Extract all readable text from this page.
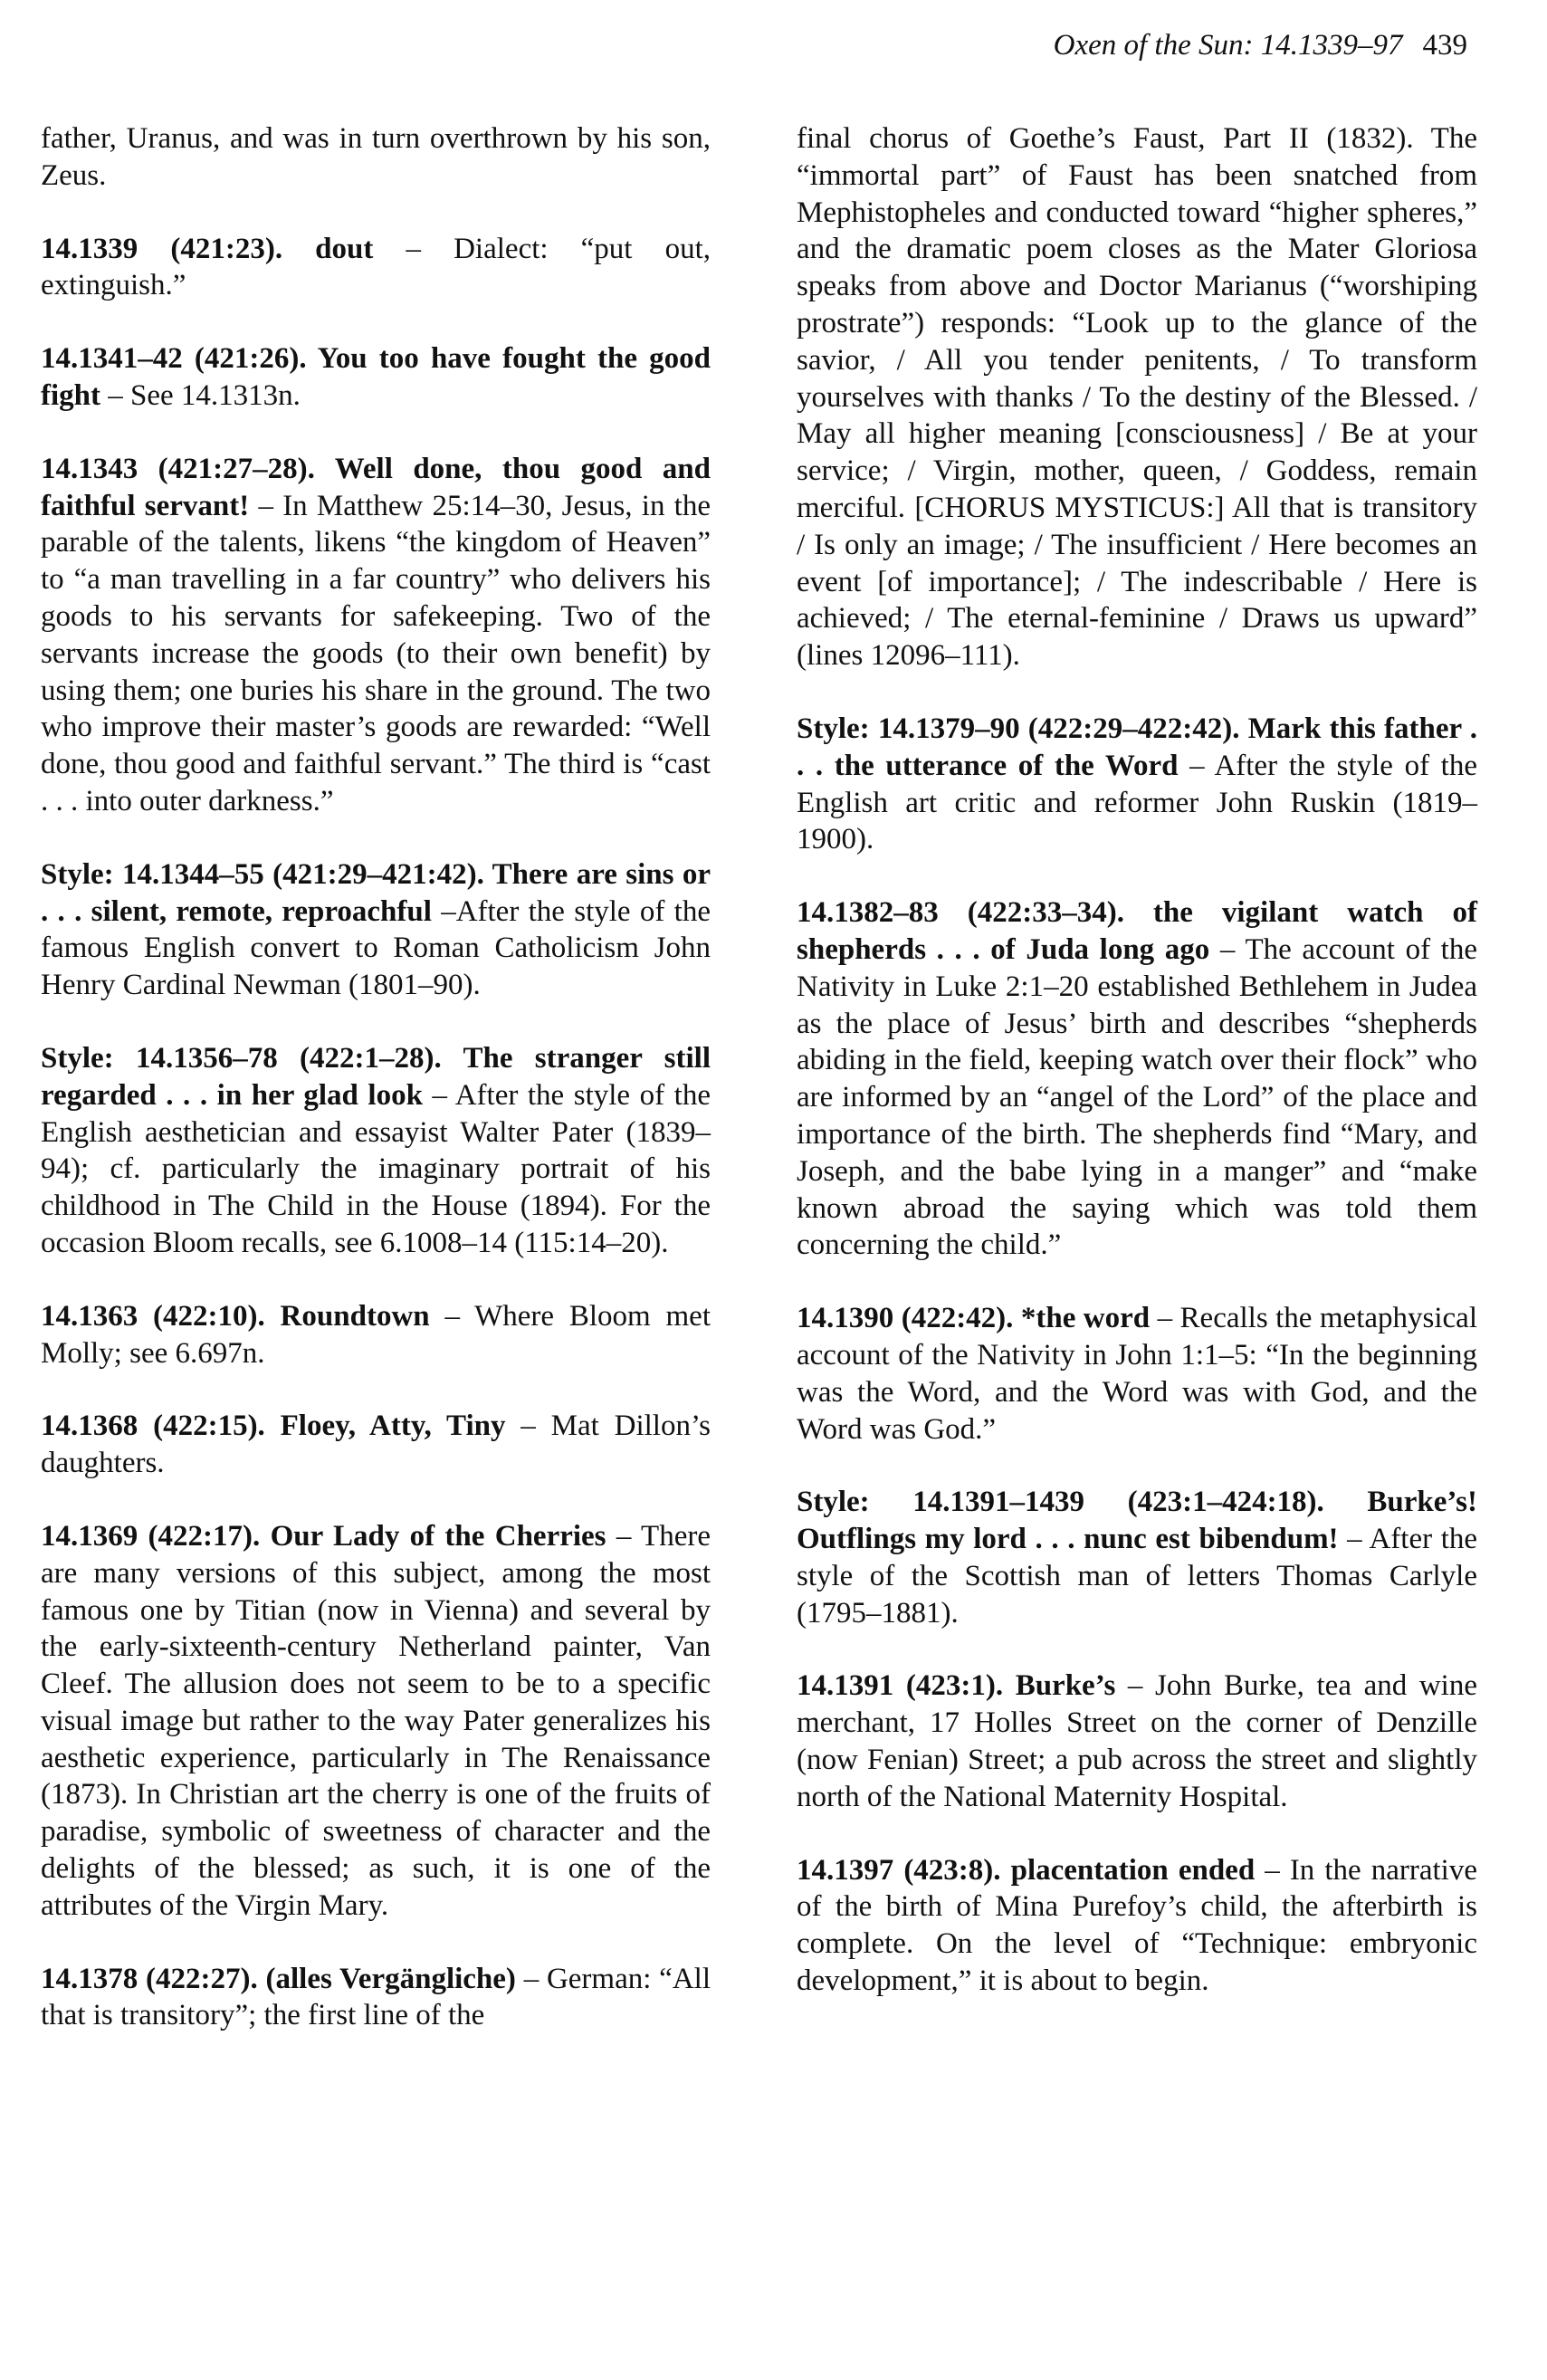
Oxen of the Sun: 14.1339–97 439

father, Uranus, and was in turn overthrown by his son, Zeus.

14.1339 (421:23). dout – Dialect: “put out, extinguish.”

14.1341–42 (421:26). You too have fought the good fight – See 14.1313n.

14.1343 (421:27–28). Well done, thou good and faithful servant! – In Matthew 25:14–30, Jesus, in the parable of the talents, likens “the kingdom of Heaven” to “a man travelling in a far country” who delivers his goods to his servants for safekeeping. Two of the servants increase the goods (to their own benefit) by using them; one buries his share in the ground. The two who improve their master’s goods are rewarded: “Well done, thou good and faithful servant.” The third is “cast . . . into outer darkness.”

Style: 14.1344–55 (421:29–421:42). There are sins or . . . silent, remote, reproachful –After the style of the famous English convert to Roman Catholicism John Henry Cardinal Newman (1801–90).

Style: 14.1356–78 (422:1–28). The stranger still regarded . . . in her glad look – After the style of the English aesthetician and essayist Walter Pater (1839–94); cf. particularly the imaginary portrait of his childhood in The Child in the House (1894). For the occasion Bloom recalls, see 6.1008–14 (115:14–20).

14.1363 (422:10). Roundtown – Where Bloom met Molly; see 6.697n.

14.1368 (422:15). Floey, Atty, Tiny – Mat Dillon’s daughters.

14.1369 (422:17). Our Lady of the Cherries – There are many versions of this subject, among the most famous one by Titian (now in Vienna) and several by the early-sixteenth-century Netherland painter, Van Cleef. The allusion does not seem to be to a specific visual image but rather to the way Pater generalizes his aesthetic experience, particularly in The Renaissance (1873). In Christian art the cherry is one of the fruits of paradise, symbolic of sweetness of character and the delights of the blessed; as such, it is one of the attributes of the Virgin Mary.

14.1378 (422:27). (alles Vergängliche) – German: “All that is transitory”; the first line of the

final chorus of Goethe’s Faust, Part II (1832). The “immortal part” of Faust has been snatched from Mephistopheles and conducted toward “higher spheres,” and the dramatic poem closes as the Mater Gloriosa speaks from above and Doctor Marianus (“worshiping prostrate”) responds: “Look up to the glance of the savior, / All you tender penitents, / To transform yourselves with thanks / To the destiny of the Blessed. / May all higher meaning [consciousness] / Be at your service; / Virgin, mother, queen, / Goddess, remain merciful. [CHORUS MYSTICUS:] All that is transitory / Is only an image; / The insufficient / Here becomes an event [of importance]; / The indescribable / Here is achieved; / The eternal-feminine / Draws us upward” (lines 12096–111).

Style: 14.1379–90 (422:29–422:42). Mark this father . . . the utterance of the Word – After the style of the English art critic and reformer John Ruskin (1819–1900).

14.1382–83 (422:33–34). the vigilant watch of shepherds . . . of Juda long ago – The account of the Nativity in Luke 2:1–20 established Bethlehem in Judea as the place of Jesus’ birth and describes “shepherds abiding in the field, keeping watch over their flock” who are informed by an “angel of the Lord” of the place and importance of the birth. The shepherds find “Mary, and Joseph, and the babe lying in a manger” and “make known abroad the saying which was told them concerning the child.”

14.1390 (422:42). *the word – Recalls the metaphysical account of the Nativity in John 1:1–5: “In the beginning was the Word, and the Word was with God, and the Word was God.”

Style: 14.1391–1439 (423:1–424:18). Burke’s! Outflings my lord . . . nunc est bibendum! – After the style of the Scottish man of letters Thomas Carlyle (1795–1881).

14.1391 (423:1). Burke’s – John Burke, tea and wine merchant, 17 Holles Street on the corner of Denzille (now Fenian) Street; a pub across the street and slightly north of the National Maternity Hospital.

14.1397 (423:8). placentation ended – In the narrative of the birth of Mina Purefoy’s child, the afterbirth is complete. On the level of “Technique: embryonic development,” it is about to begin.
